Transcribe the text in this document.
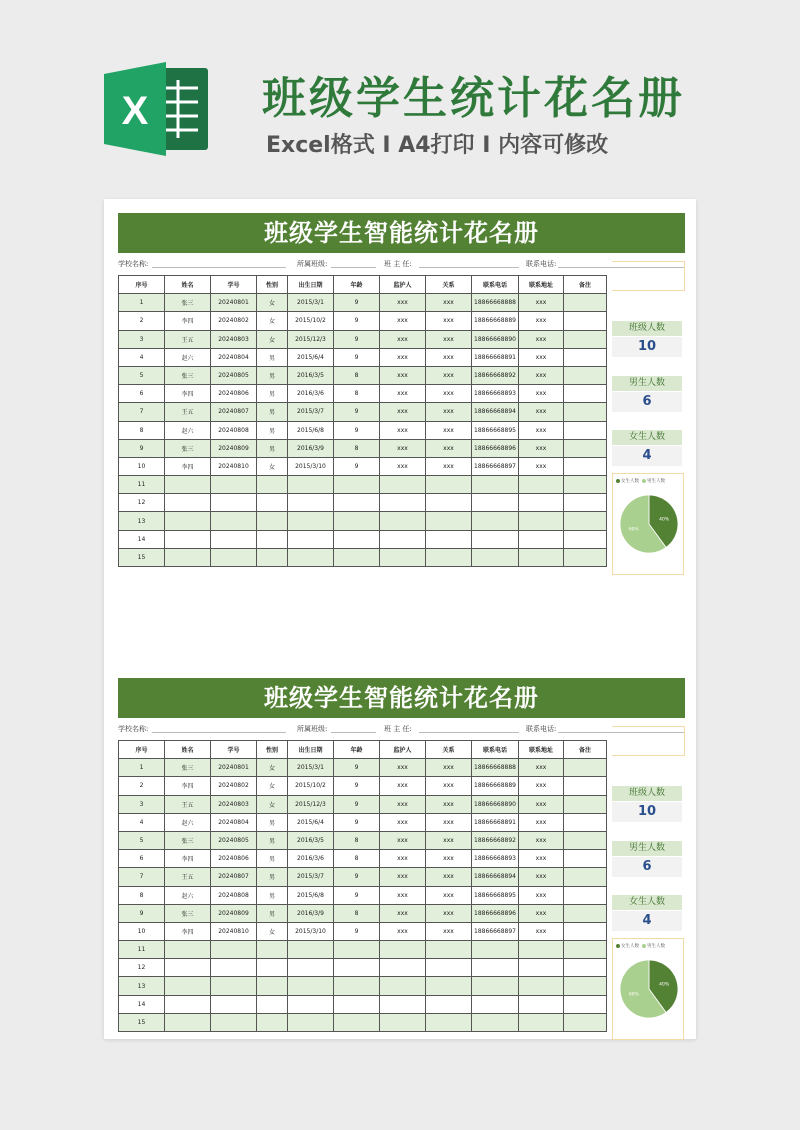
X	班级学生统计花名册
Excel格式 I A4打印 I 内容可修改
班级学生智能统计花名册
学校名称:	所属班级:	班 主 任:	联系电话:
序号	姓名	学号	性别	出生日期	年龄	监护人	关系	联系电话	联系地址	备注
1	张三	20240801	女	2015/3/1	9	xxx	xxx	18866668888	xxx	
2	李四	20240802	女	2015/10/2	9	xxx	xxx	18866668889	xxx	
3	王五	20240803	女	2015/12/3	9	xxx	xxx	18866668890	xxx	
4	赵六	20240804	男	2015/6/4	9	xxx	xxx	18866668891	xxx	
5	张三	20240805	男	2016/3/5	8	xxx	xxx	18866668892	xxx	
6	李四	20240806	男	2016/3/6	8	xxx	xxx	18866668893	xxx	
7	王五	20240807	男	2015/3/7	9	xxx	xxx	18866668894	xxx	
8	赵六	20240808	男	2015/6/8	9	xxx	xxx	18866668895	xxx	
9	张三	20240809	男	2016/3/9	8	xxx	xxx	18866668896	xxx	
10	李四	20240810	女	2015/3/10	9	xxx	xxx	18866668897	xxx	
11										
12										
13										
14										
15										
班级人数
10
男生人数
6
女生人数
4
女生人数 男生人数
40%
60%
班级学生智能统计花名册
学校名称:	所属班级:	班 主 任:	联系电话:
序号	姓名	学号	性别	出生日期	年龄	监护人	关系	联系电话	联系地址	备注
1	张三	20240801	女	2015/3/1	9	xxx	xxx	18866668888	xxx	
2	李四	20240802	女	2015/10/2	9	xxx	xxx	18866668889	xxx	
3	王五	20240803	女	2015/12/3	9	xxx	xxx	18866668890	xxx	
4	赵六	20240804	男	2015/6/4	9	xxx	xxx	18866668891	xxx	
5	张三	20240805	男	2016/3/5	8	xxx	xxx	18866668892	xxx	
6	李四	20240806	男	2016/3/6	8	xxx	xxx	18866668893	xxx	
7	王五	20240807	男	2015/3/7	9	xxx	xxx	18866668894	xxx	
8	赵六	20240808	男	2015/6/8	9	xxx	xxx	18866668895	xxx	
9	张三	20240809	男	2016/3/9	8	xxx	xxx	18866668896	xxx	
10	李四	20240810	女	2015/3/10	9	xxx	xxx	18866668897	xxx	
11										
12										
13										
14										
15										
班级人数
10
男生人数
6
女生人数
4
女生人数 男生人数
40%
60%
